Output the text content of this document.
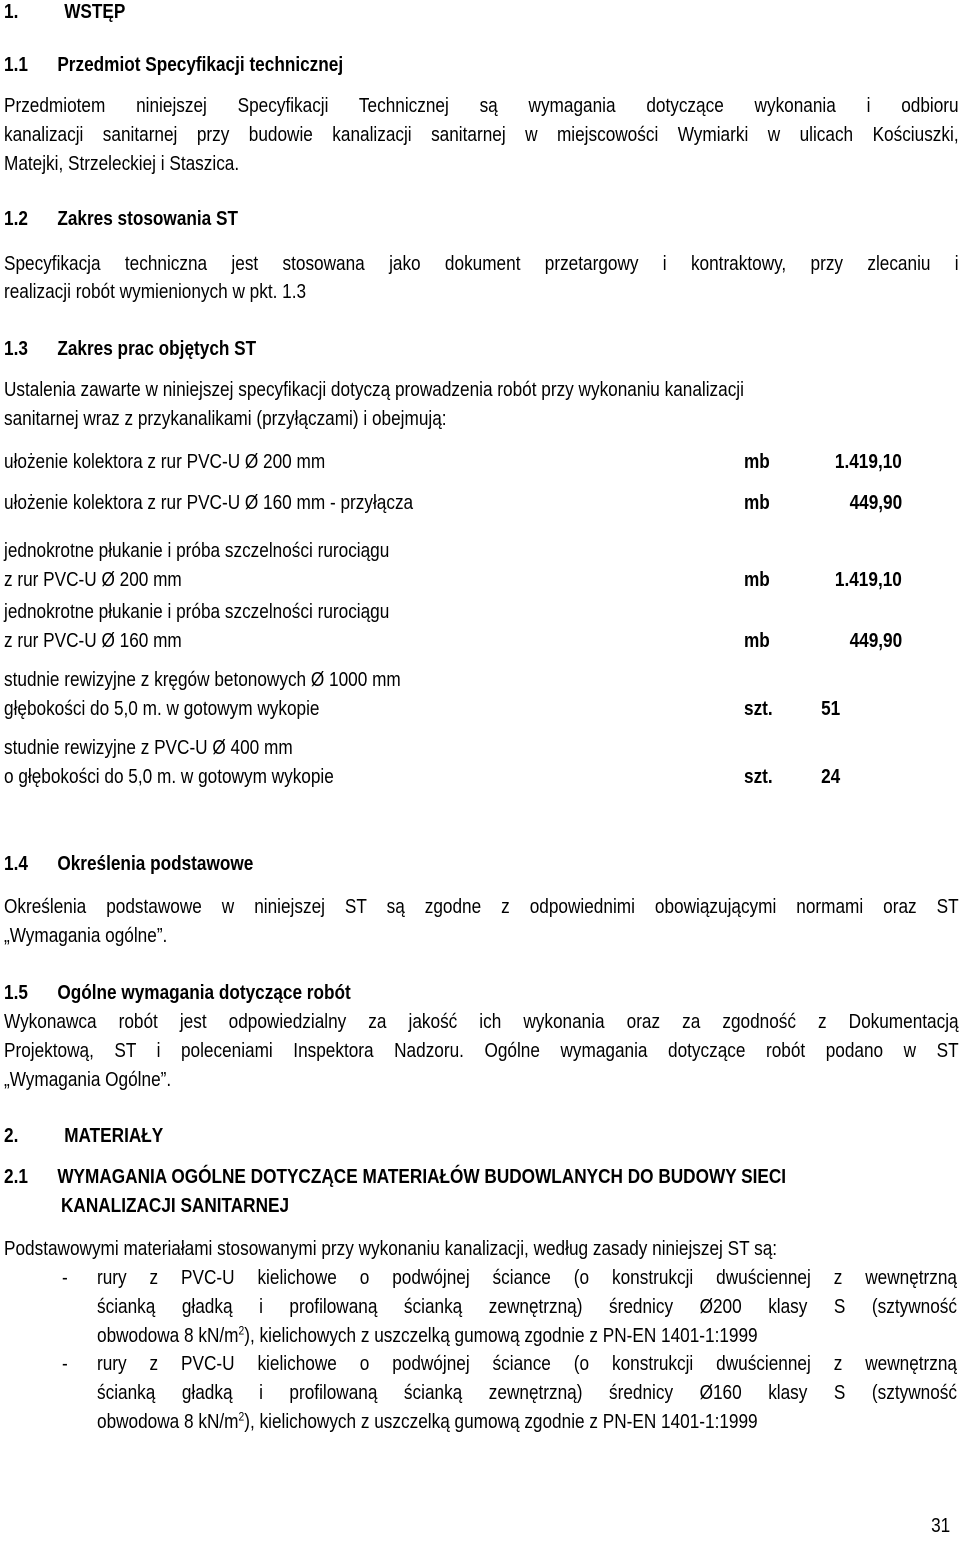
1. WSTĘP
1.1 Przedmiot Specyfikacji technicznej
Przedmiotem niniejszej Specyfikacji Technicznej są wymagania dotyczące wykonania i odbioru
kanalizacji sanitarnej przy budowie kanalizacji sanitarnej w miejscowości Wymiarki w ulicach Kościuszki,
Matejki, Strzeleckiej i Staszica.
1.2 Zakres stosowania ST
Specyfikacja techniczna jest stosowana jako dokument przetargowy i kontraktowy, przy zlecaniu i
realizacji robót wymienionych w pkt. 1.3
1.3 Zakres prac objętych ST
Ustalenia zawarte w niniejszej specyfikacji dotyczą prowadzenia robót przy wykonaniu kanalizacji
sanitarnej wraz z przykanalikami (przyłączami) i obejmują:
ułożenie kolektora z rur PVC-U Ø 200 mm	mb	1.419,10
ułożenie kolektora z rur PVC-U Ø 160 mm - przyłącza	mb	449,90
jednokrotne płukanie i próba szczelności rurociągu
z rur PVC-U Ø 200 mm	mb	1.419,10
jednokrotne płukanie i próba szczelności rurociągu
z rur PVC-U Ø 160 mm	mb	449,90
studnie rewizyjne z kręgów betonowych Ø 1000 mm
głębokości do 5,0 m. w gotowym wykopie	szt. 51
studnie rewizyjne z PVC-U Ø 400 mm
o głębokości do 5,0 m. w gotowym wykopie	szt. 24
1.4 Określenia podstawowe
Określenia podstawowe w niniejszej ST są zgodne z odpowiednimi obowiązującymi normami oraz ST
„Wymagania ogólne”.
1.5 Ogólne wymagania dotyczące robót
Wykonawca robót jest odpowiedzialny za jakość ich wykonania oraz za zgodność z Dokumentacją
Projektową, ST i poleceniami Inspektora Nadzoru. Ogólne wymagania dotyczące robót podano w ST
„Wymagania Ogólne”.
2. MATERIAŁY
2.1 WYMAGANIA OGÓLNE DOTYCZĄCE MATERIAŁÓW BUDOWLANYCH DO BUDOWY SIECI
KANALIZACJI SANITARNEJ
Podstawowymi materiałami stosowanymi przy wykonaniu kanalizacji, według zasady niniejszej ST są:
- rury z PVC-U kielichowe o podwójnej ściance (o konstrukcji dwuściennej z wewnętrzną
ścianką gładką i profilowaną ścianką zewnętrzną) średnicy Ø200 klasy S (sztywność
obwodowa 8 $kN/m^2$), kielichowych z uszczelką gumową zgodnie z PN-EN 1401-1:1999
- rury z PVC-U kielichowe o podwójnej ściance (o konstrukcji dwuściennej z wewnętrzną
ścianką gładką i profilowaną ścianką zewnętrzną) średnicy Ø160 klasy S (sztywność
obwodowa 8 $kN/m^2$), kielichowych z uszczelką gumową zgodnie z PN-EN 1401-1:1999
31
